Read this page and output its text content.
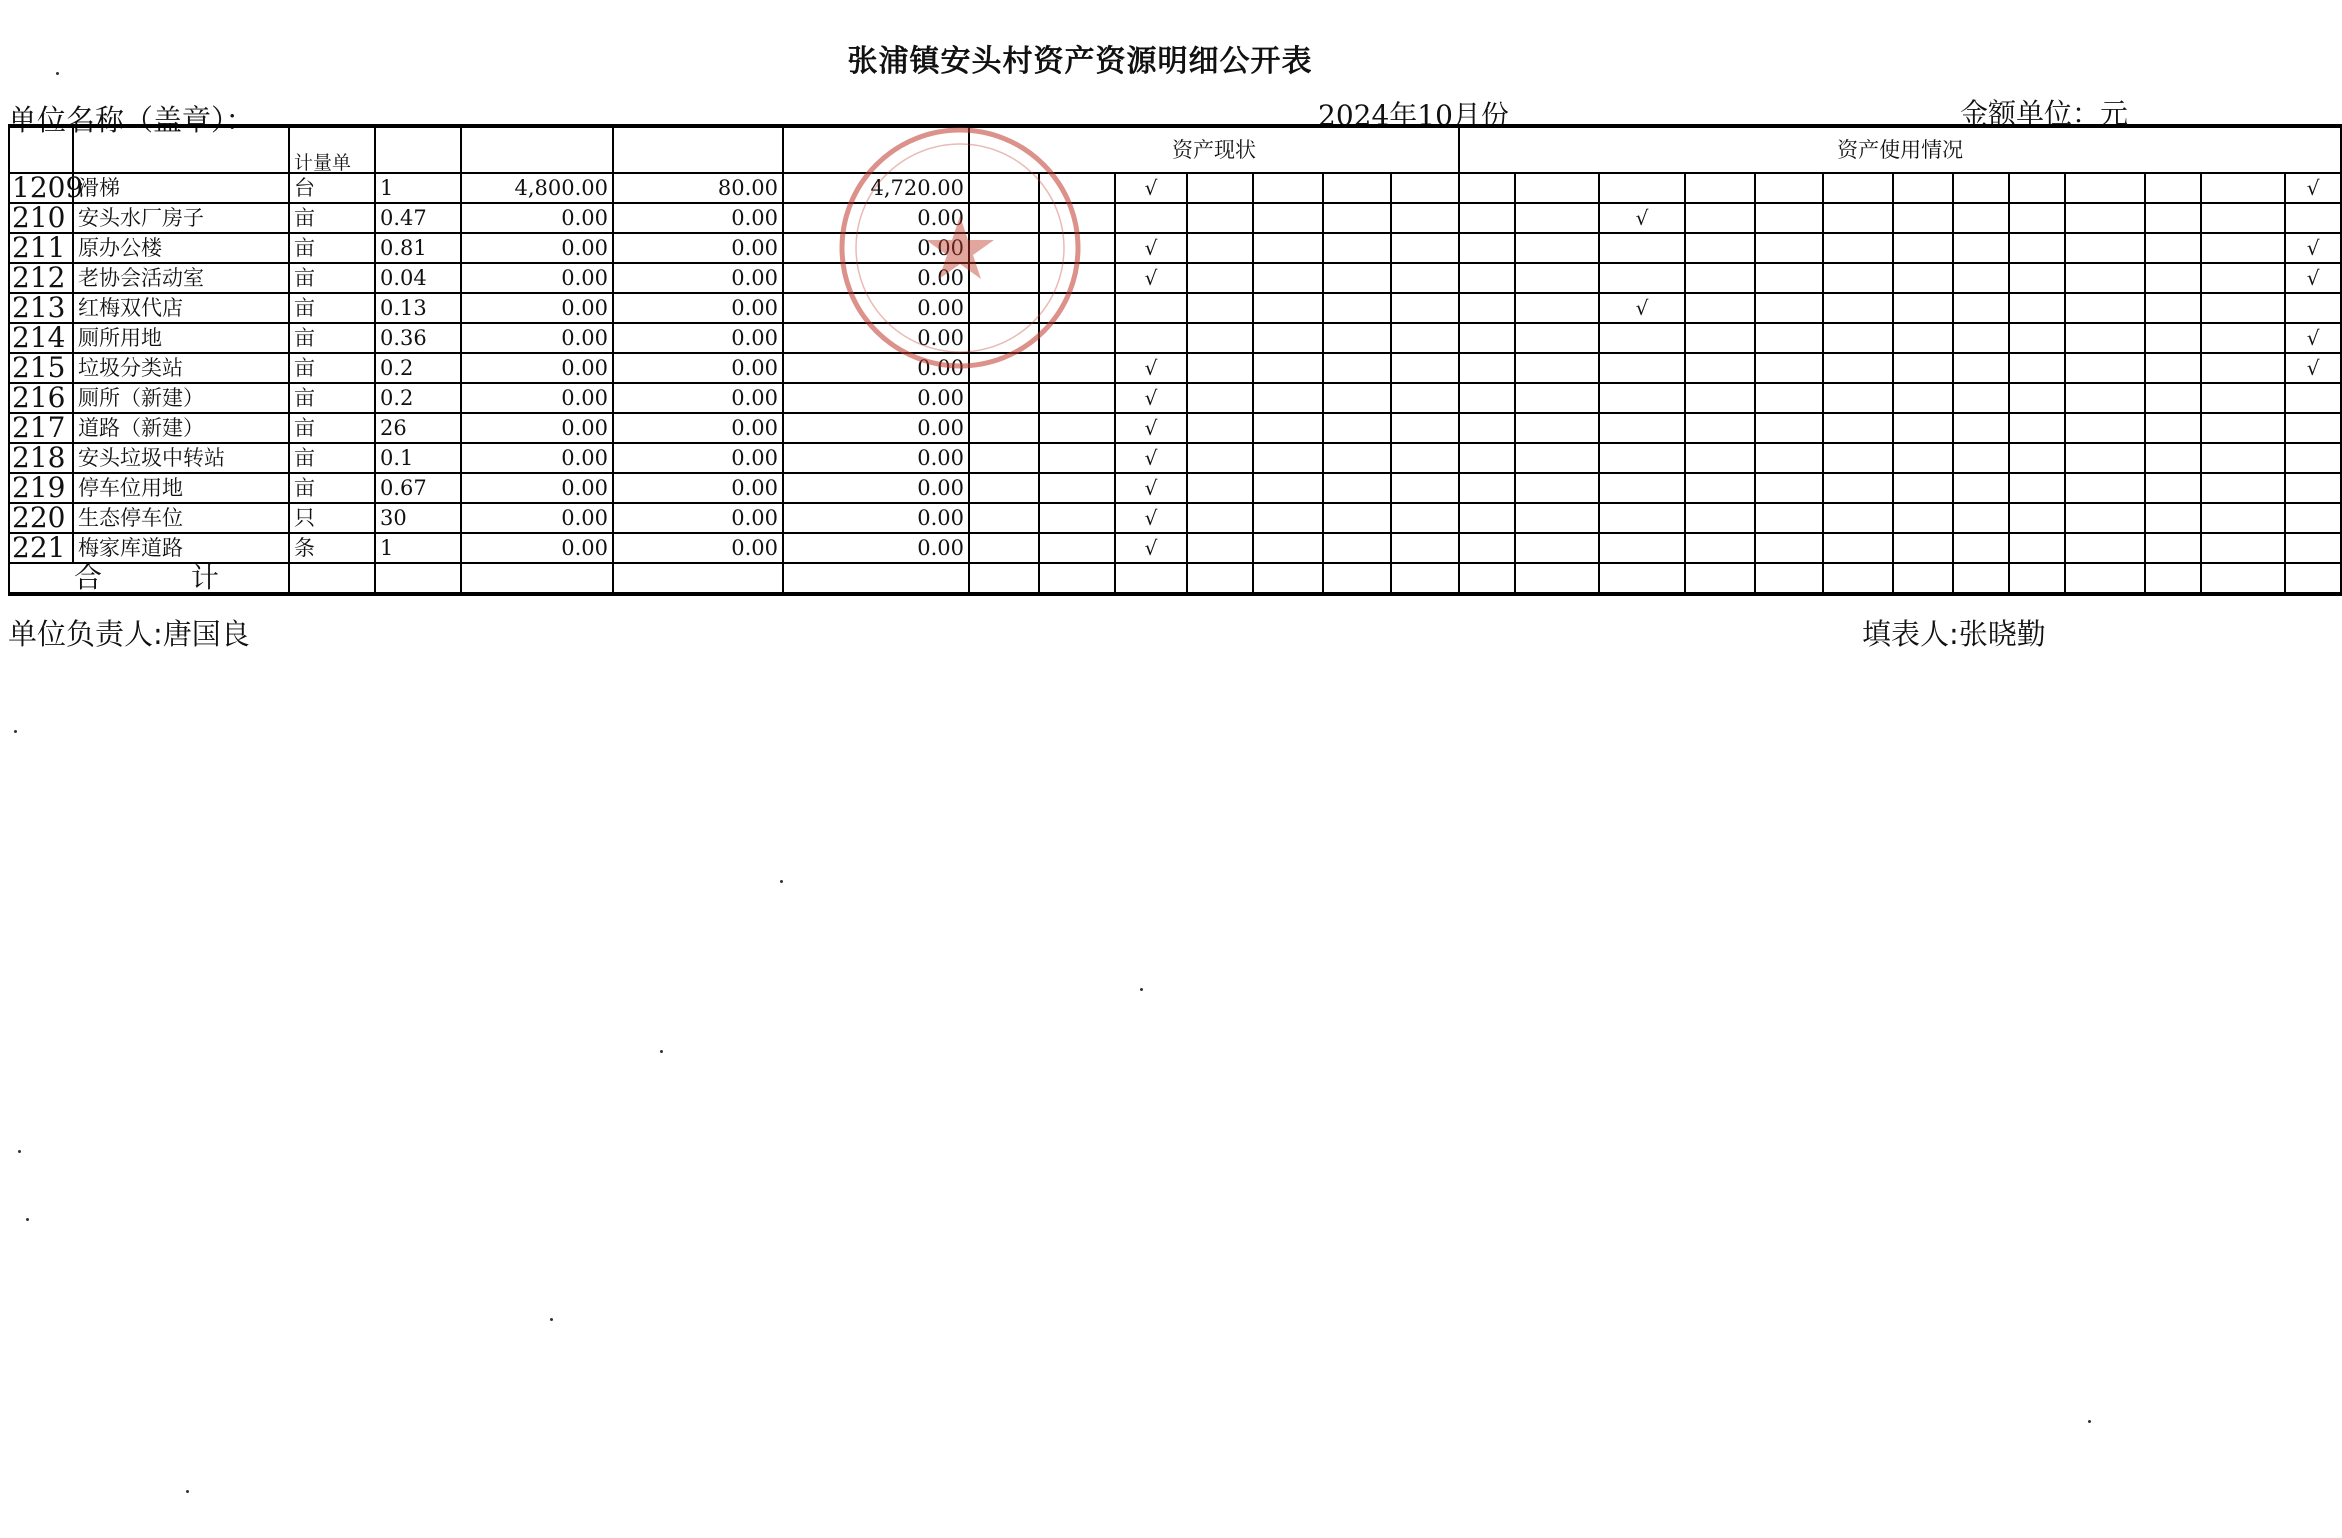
张浦镇安头村资产资源明细公开表
单位名称（盖章）：	2024年10月份	金额单位：元
		计量单					资产现状							资产使用情况												
1209	滑梯	台	1	4,800.00	80.00	4,720.00			√																	√
210	安头水厂房子	亩	0.47	0.00	0.00	0.00										√										
211	原办公楼	亩	0.81	0.00	0.00	0.00			√																	√
212	老协会活动室	亩	0.04	0.00	0.00	0.00			√																	√
213	红梅双代店	亩	0.13	0.00	0.00	0.00										√										
214	厕所用地	亩	0.36	0.00	0.00	0.00																				√
215	垃圾分类站	亩	0.2	0.00	0.00	0.00			√																	√
216	厕所（新建）	亩	0.2	0.00	0.00	0.00			√																	
217	道路（新建）	亩	26	0.00	0.00	0.00			√																	
218	安头垃圾中转站	亩	0.1	0.00	0.00	0.00			√																	
219	停车位用地	亩	0.67	0.00	0.00	0.00			√																	
220	生态停车位	只	30	0.00	0.00	0.00			√																	
221	梅家库道路	条	1	0.00	0.00	0.00			√																	
合 计																										
单位负责人:唐国良	填表人:张晓勤
